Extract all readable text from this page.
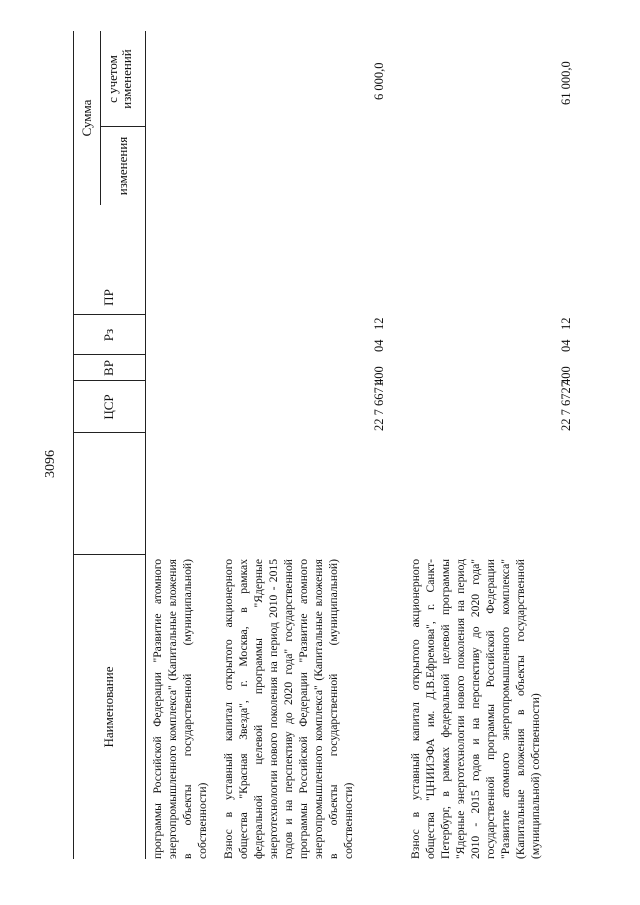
3096
Наименование
ЦСР
ВР
Рз
ПР
Сумма
изменения
с учетом изменений
программы Российской Федерации "Развитие атомного энергопромышленного комплекса" (Капитальные вложения в объекты государственной (муниципальной) собственности) Взнос в уставный капитал открытого акционерного общества "Красная Звезда", г. Москва, в рамках федеральной целевой программы "Ядерные энерготехнологии нового поколения на период 2010 - 2015 годов и на перспективу до 2020 года" государственной программы Российской Федерации "Развитие атомного энергопромышленного комплекса" (Капитальные вложения в объекты государственной (муниципальной) собственности)
22 7 6671
400
04
12
6 000,0
Взнос в уставный капитал открытого акционерного общества "ЦНИИЭФА им. Д.В.Ефремова", г. Санкт-Петербург, в рамках федеральной целевой программы "Ядерные энерготехнологии нового поколения на период 2010 - 2015 годов и на перспективу до 2020 года" государственной программы Российской Федерации "Развитие атомного энергопромышленного комплекса" (Капитальные вложения в объекты государственной (муниципальной) собственности)
22 7 6727
400
04
12
61 000,0
